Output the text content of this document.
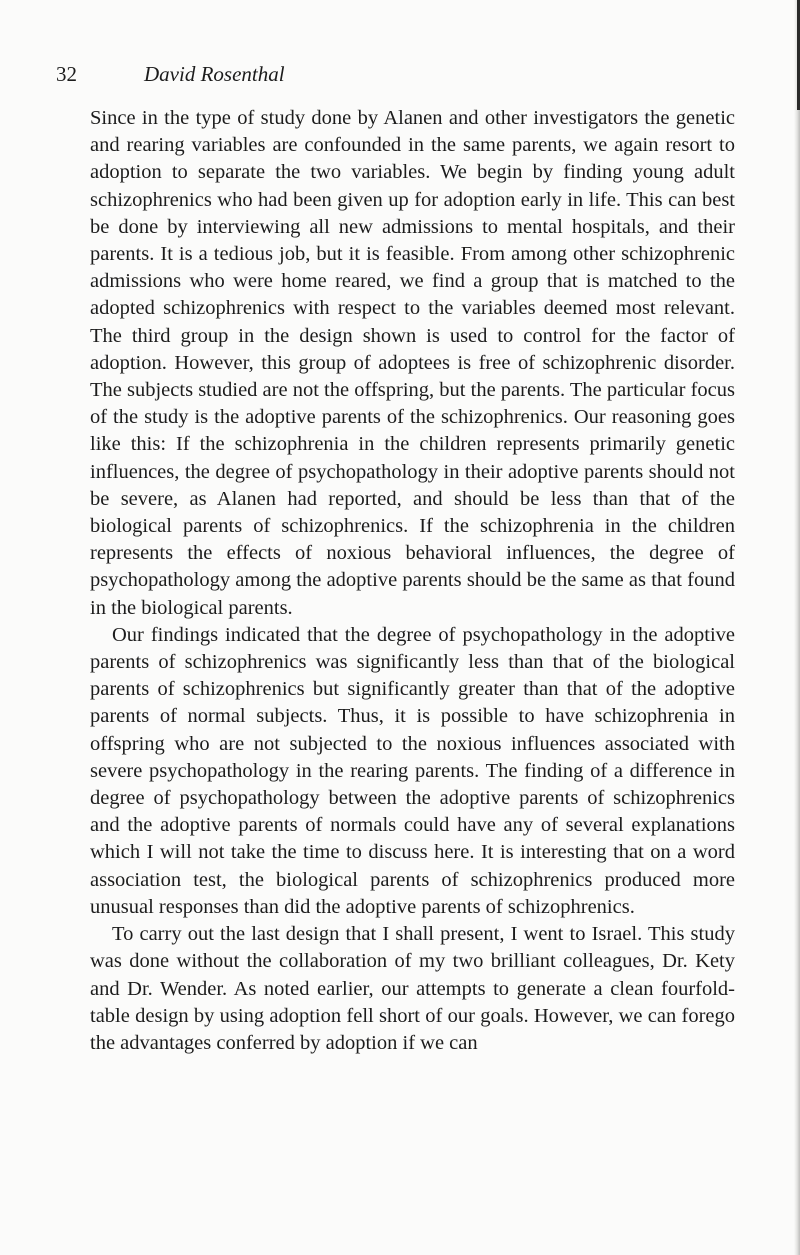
32	David Rosenthal

Since in the type of study done by Alanen and other investigators the genetic and rearing variables are confounded in the same parents, we again resort to adoption to separate the two variables. We begin by finding young adult schizophrenics who had been given up for adoption early in life. This can best be done by interviewing all new admissions to mental hospitals, and their parents. It is a tedious job, but it is feasible. From among other schizophrenic admissions who were home reared, we find a group that is matched to the adopted schizophrenics with respect to the variables deemed most relevant. The third group in the design shown is used to control for the factor of adoption. However, this group of adoptees is free of schizophrenic disorder. The subjects studied are not the offspring, but the parents. The particular focus of the study is the adoptive parents of the schizophrenics. Our reasoning goes like this: If the schizophrenia in the children represents primarily genetic influences, the degree of psychopathology in their adoptive parents should not be severe, as Alanen had reported, and should be less than that of the biological parents of schizophrenics. If the schizophrenia in the children represents the effects of noxious behavioral influences, the degree of psychopathology among the adoptive parents should be the same as that found in the biological parents.

Our findings indicated that the degree of psychopathology in the adoptive parents of schizophrenics was significantly less than that of the biological parents of schizophrenics but significantly greater than that of the adoptive parents of normal subjects. Thus, it is possible to have schizophrenia in offspring who are not subjected to the noxious influences associated with severe psychopathology in the rearing parents. The finding of a difference in degree of psychopathology between the adoptive parents of schizophrenics and the adoptive parents of normals could have any of several explanations which I will not take the time to discuss here. It is interesting that on a word association test, the biological parents of schizophrenics produced more unusual responses than did the adoptive parents of schizophrenics.

To carry out the last design that I shall present, I went to Israel. This study was done without the collaboration of my two brilliant colleagues, Dr. Kety and Dr. Wender. As noted earlier, our attempts to generate a clean fourfold-table design by using adoption fell short of our goals. However, we can forego the advantages conferred by adoption if we can
